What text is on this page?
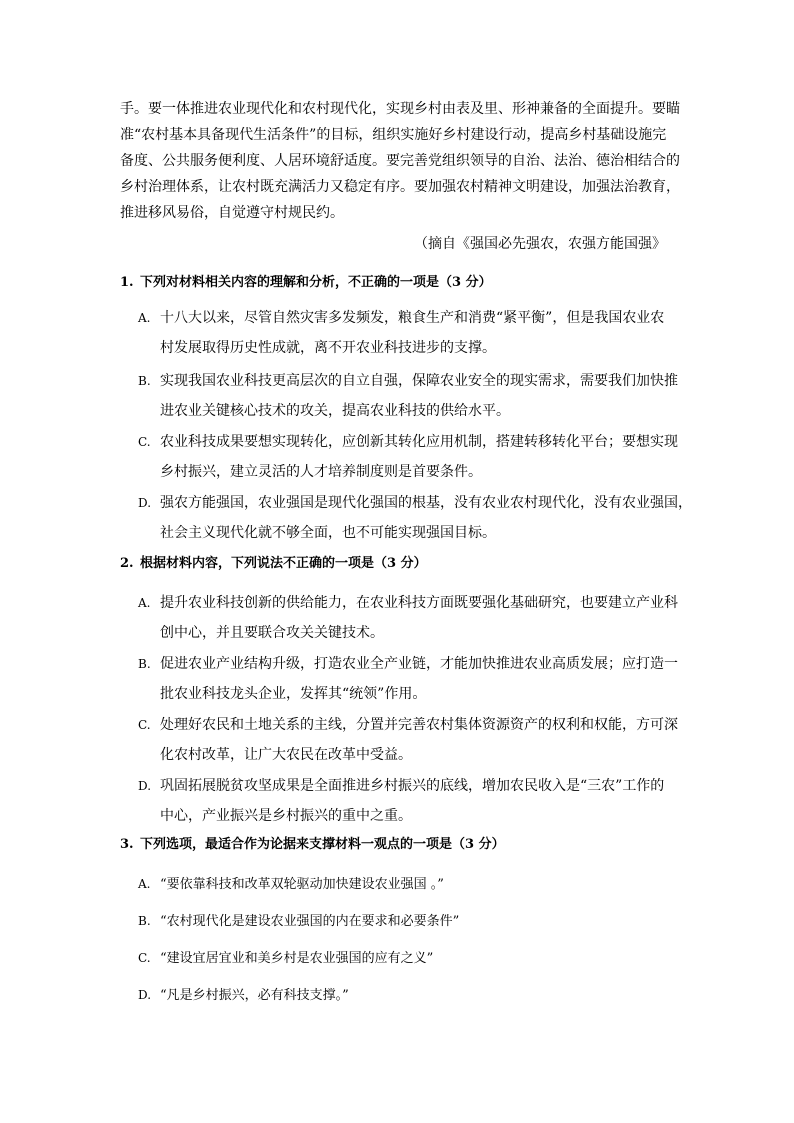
手。要一体推进农业现代化和农村现代化，实现乡村由表及里、形神兼备的全面提升。要瞄
准“农村基本具备现代生活条件”的目标，组织实施好乡村建设行动，提高乡村基础设施完
备度、公共服务便利度、人居环境舒适度。要完善党组织领导的自治、法治、德治相结合的
乡村治理体系，让农村既充满活力又稳定有序。要加强农村精神文明建设，加强法治教育，
推进移风易俗，自觉遵守村规民约。
（摘自《强国必先强农，农强方能国强》
1. 下列对材料相关内容的理解和分析，不正确的一项是（3 分）
A. 十八大以来，尽管自然灾害多发频发，粮食生产和消费“紧平衡”，但是我国农业农
村发展取得历史性成就，离不开农业科技进步的支撑。
B. 实现我国农业科技更高层次的自立自强，保障农业安全的现实需求，需要我们加快推
进农业关键核心技术的攻关，提高农业科技的供给水平。
C. 农业科技成果要想实现转化，应创新其转化应用机制，搭建转移转化平台；要想实现
乡村振兴，建立灵活的人才培养制度则是首要条件。
D. 强农方能强国，农业强国是现代化强国的根基，没有农业农村现代化，没有农业强国，
社会主义现代化就不够全面，也不可能实现强国目标。
2. 根据材料内容，下列说法不正确的一项是（3 分）
A. 提升农业科技创新的供给能力，在农业科技方面既要强化基础研究，也要建立产业科
创中心，并且要联合攻关关键技术。
B. 促进农业产业结构升级，打造农业全产业链，才能加快推进农业高质发展；应打造一
批农业科技龙头企业，发挥其“统领”作用。
C. 处理好农民和土地关系的主线，分置并完善农村集体资源资产的权利和权能，方可深
化农村改革，让广大农民在改革中受益。
D. 巩固拓展脱贫攻坚成果是全面推进乡村振兴的底线，增加农民收入是“三农”工作的
中心，产业振兴是乡村振兴的重中之重。
3. 下列选项，最适合作为论据来支撑材料一观点的一项是（3 分）
A. “要依靠科技和改革双轮驱动加快建设农业强国 。”
B. “农村现代化是建设农业强国的内在要求和必要条件”
C. “建设宜居宜业和美乡村是农业强国的应有之义”
D. “凡是乡村振兴，必有科技支撑。”
